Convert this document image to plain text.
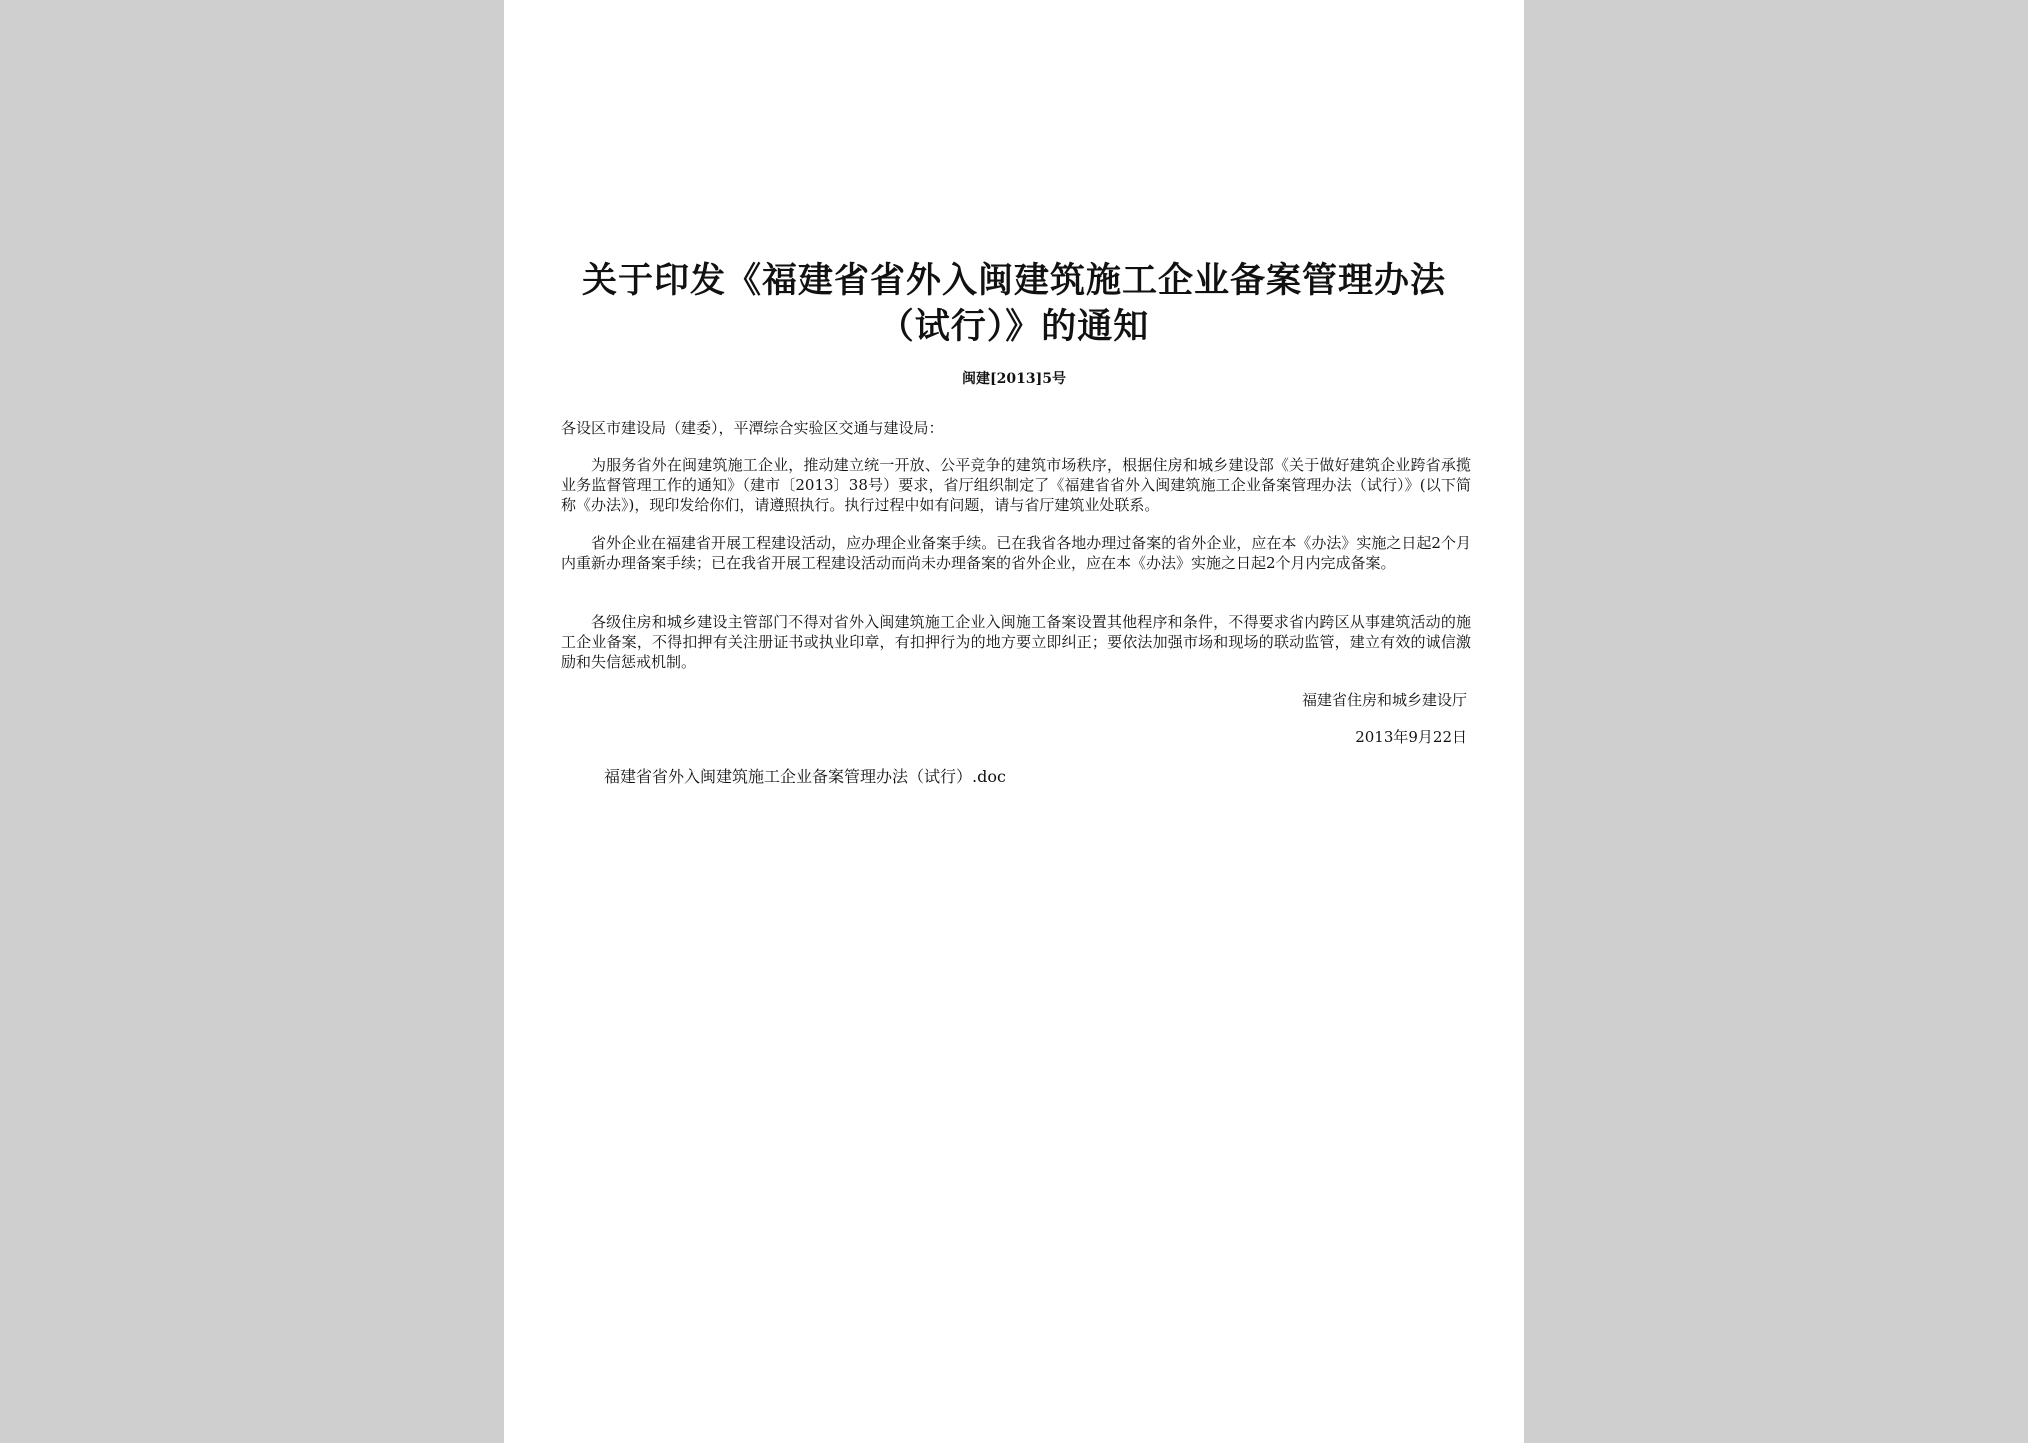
关于印发《福建省省外入闽建筑施工企业备案管理办法（试行）》的通知
闽建[2013]5号
各设区市建设局（建委），平潭综合实验区交通与建设局：
为服务省外在闽建筑施工企业，推动建立统一开放、公平竞争的建筑市场秩序，根据住房和城乡建设部《关于做好建筑企业跨省承揽业务监督管理工作的通知》（建市〔2013〕38号）要求，省厅组织制定了《福建省省外入闽建筑施工企业备案管理办法（试行）》(以下简称《办法》)，现印发给你们，请遵照执行。执行过程中如有问题，请与省厅建筑业处联系。
省外企业在福建省开展工程建设活动，应办理企业备案手续。已在我省各地办理过备案的省外企业，应在本《办法》实施之日起2个月内重新办理备案手续；已在我省开展工程建设活动而尚未办理备案的省外企业，应在本《办法》实施之日起2个月内完成备案。
各级住房和城乡建设主管部门不得对省外入闽建筑施工企业入闽施工备案设置其他程序和条件，不得要求省内跨区从事建筑活动的施工企业备案，不得扣押有关注册证书或执业印章，有扣押行为的地方要立即纠正；要依法加强市场和现场的联动监管，建立有效的诚信激励和失信惩戒机制。
福建省住房和城乡建设厅
2013年9月22日
福建省省外入闽建筑施工企业备案管理办法（试行）.doc
